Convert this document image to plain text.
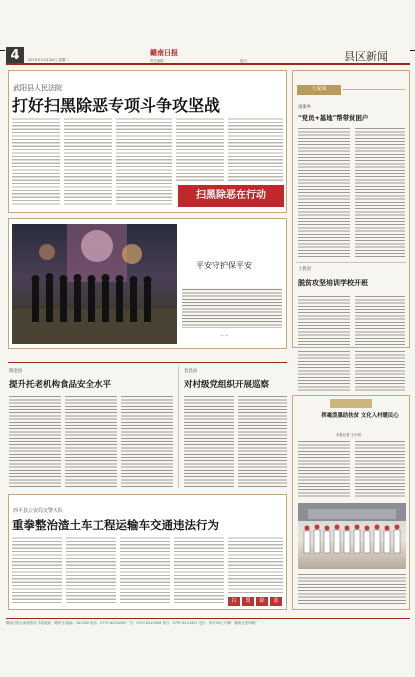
4	2019年11月26日 星期二
赣南日报
责任编辑：	版式：	县区新闻
武阳县人民法院
打好扫黑除恶专项斗争攻坚战
扫黑除恶在行动
平安守护保平安
— —
大家谈
南康乡
“党员+基地”帮带贫困户
上犹县
脱贫攻坚培训学校开班
挥毫泼墨助扶贫 文化入村暖民心
本报记者 王小明
瑞金县
提升托老机构食品安全水平
会昌县
对村级党组织开展巡察
西平县公安局交警大队
重拳整治渣土车工程运输车交通违法行为
扫	黑	除	恶
赣南日报社新闻热线 本报地址：赣州市 邮编：341000 电话：0797-8203456 广告：0797-8123456 发行：0797-8123457 定价：每月30元 印刷：赣南日报印刷厂
